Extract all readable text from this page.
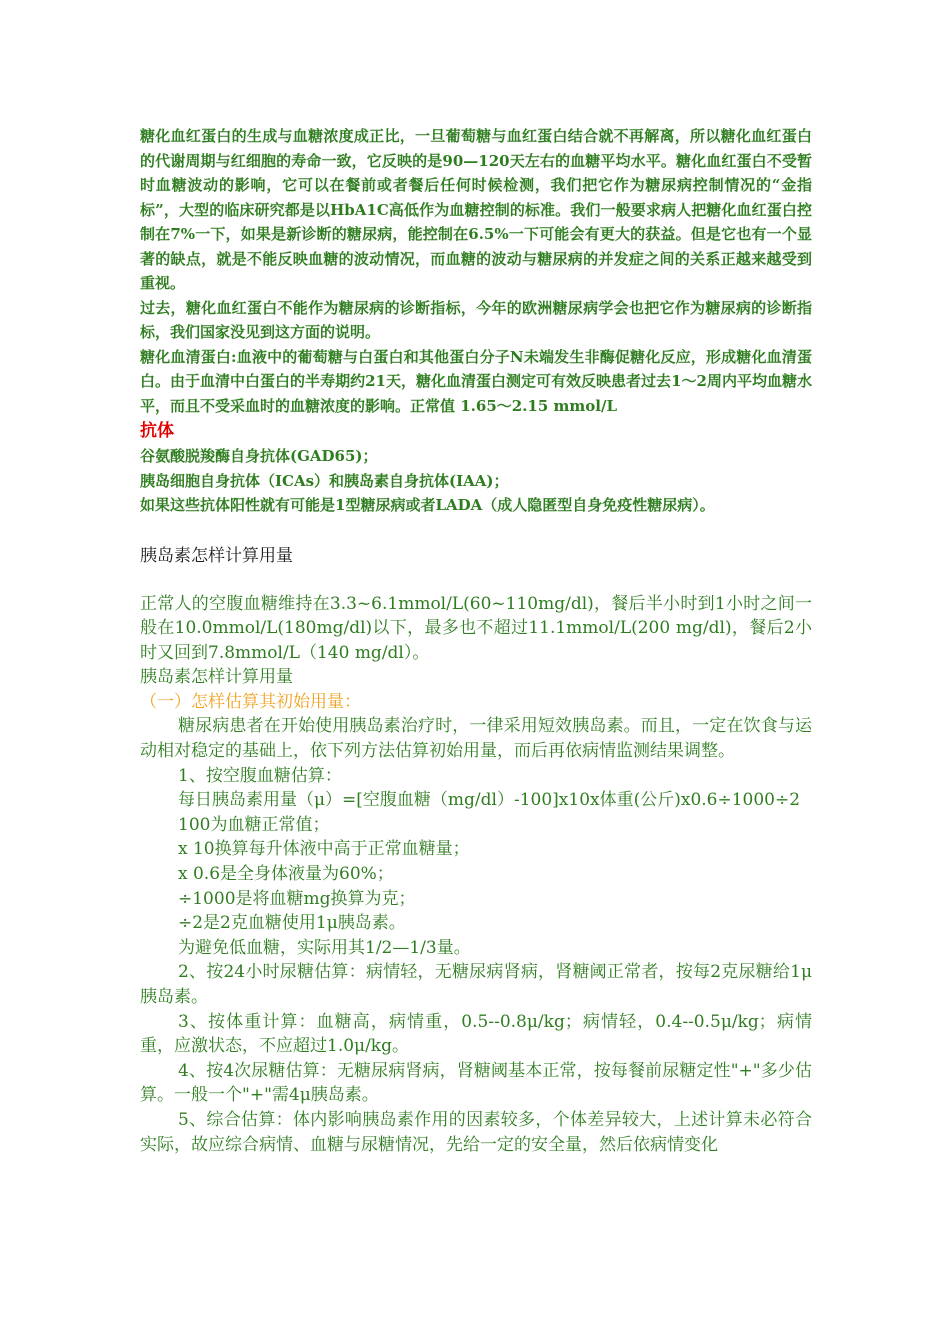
糖化血红蛋白的生成与血糖浓度成正比，一旦葡萄糖与血红蛋白结合就不再解离，所以糖化血红蛋白的代谢周期与红细胞的寿命一致，它反映的是90—120天左右的血糖平均水平。糖化血红蛋白不受暂时血糖波动的影响，它可以在餐前或者餐后任何时候检测，我们把它作为糖尿病控制情况的“金指标”，大型的临床研究都是以HbA1C高低作为血糖控制的标准。我们一般要求病人把糖化血红蛋白控制在7%一下，如果是新诊断的糖尿病，能控制在6.5%一下可能会有更大的获益。但是它也有一个显著的缺点，就是不能反映血糖的波动情况，而血糖的波动与糖尿病的并发症之间的关系正越来越受到重视。

过去，糖化血红蛋白不能作为糖尿病的诊断指标，今年的欧洲糖尿病学会也把它作为糖尿病的诊断指标，我们国家没见到这方面的说明。

糖化血清蛋白:血液中的葡萄糖与白蛋白和其他蛋白分子N未端发生非酶促糖化反应，形成糖化血清蛋白。由于血清中白蛋白的半寿期约21天，糖化血清蛋白测定可有效反映患者过去1～2周内平均血糖水平，而且不受采血时的血糖浓度的影响。正常值 1.65～2.15 mmol/L

抗体

谷氨酸脱羧酶自身抗体(GAD65)；

胰岛细胞自身抗体（ICAs）和胰岛素自身抗体(IAA)；

如果这些抗体阳性就有可能是1型糖尿病或者LADA（成人隐匿型自身免疫性糖尿病）。

胰岛素怎样计算用量

正常人的空腹血糖维持在3.3~6.1mmol/L(60~110mg/dl)，餐后半小时到1小时之间一般在10.0mmol/L(180mg/dl)以下，最多也不超过11.1mmol/L(200 mg/dl)，餐后2小时又回到7.8mmol/L（140 mg/dl）。

胰岛素怎样计算用量

（一）怎样估算其初始用量：

糖尿病患者在开始使用胰岛素治疗时，一律采用短效胰岛素。而且，一定在饮食与运动相对稳定的基础上，依下列方法估算初始用量，而后再依病情监测结果调整。

1、按空腹血糖估算：

每日胰岛素用量（μ）=[空腹血糖（mg/dl）-100]x10x体重(公斤)x0.6÷1000÷2

100为血糖正常值；

x 10换算每升体液中高于正常血糖量；

x 0.6是全身体液量为60%；

÷1000是将血糖mg换算为克；

÷2是2克血糖使用1μ胰岛素。

为避免低血糖，实际用其1/2—1/3量。

2、按24小时尿糖估算：病情轻，无糖尿病肾病，肾糖阈正常者，按每2克尿糖给1μ胰岛素。

3、按体重计算：血糖高，病情重，0.5--0.8μ/kg；病情轻，0.4--0.5μ/kg；病情重，应激状态，不应超过1.0μ/kg。

4、按4次尿糖估算：无糖尿病肾病，肾糖阈基本正常，按每餐前尿糖定性"+"多少估算。一般一个"+"需4μ胰岛素。

5、综合估算：体内影响胰岛素作用的因素较多，个体差异较大，上述计算未必符合实际，故应综合病情、血糖与尿糖情况，先给一定的安全量，然后依病情变化
